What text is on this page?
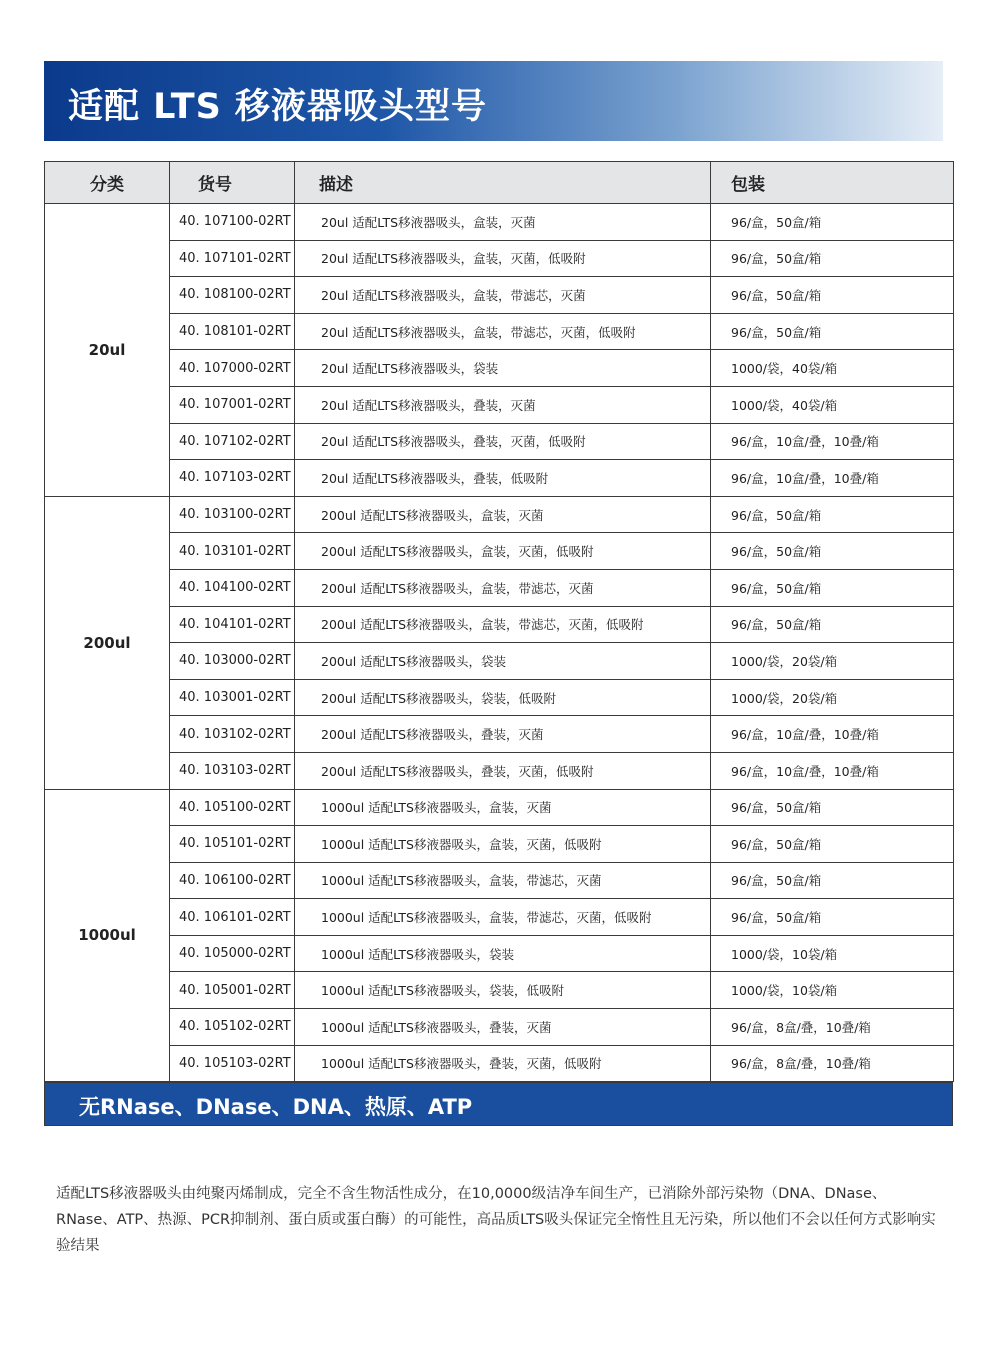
适配 LTS 移液器吸头型号
分类	货号	描述	包装
20ul	40. 107100-02RT	20ul 适配LTS移液器吸头，盒装，灭菌	96/盒，50盒/箱
	40. 107101-02RT	20ul 适配LTS移液器吸头，盒装，灭菌，低吸附	96/盒，50盒/箱
	40. 108100-02RT	20ul 适配LTS移液器吸头，盒装，带滤芯，灭菌	96/盒，50盒/箱
	40. 108101-02RT	20ul 适配LTS移液器吸头，盒装，带滤芯，灭菌，低吸附	96/盒，50盒/箱
	40. 107000-02RT	20ul 适配LTS移液器吸头，袋装	1000/袋，40袋/箱
	40. 107001-02RT	20ul 适配LTS移液器吸头，叠装，灭菌	1000/袋，40袋/箱
	40. 107102-02RT	20ul 适配LTS移液器吸头，叠装，灭菌，低吸附	96/盒，10盒/叠，10叠/箱
	40. 107103-02RT	20ul 适配LTS移液器吸头，叠装，低吸附	96/盒，10盒/叠，10叠/箱
200ul	40. 103100-02RT	200ul 适配LTS移液器吸头，盒装，灭菌	96/盒，50盒/箱
	40. 103101-02RT	200ul 适配LTS移液器吸头，盒装，灭菌，低吸附	96/盒，50盒/箱
	40. 104100-02RT	200ul 适配LTS移液器吸头，盒装，带滤芯，灭菌	96/盒，50盒/箱
	40. 104101-02RT	200ul 适配LTS移液器吸头，盒装，带滤芯，灭菌，低吸附	96/盒，50盒/箱
	40. 103000-02RT	200ul 适配LTS移液器吸头，袋装	1000/袋，20袋/箱
	40. 103001-02RT	200ul 适配LTS移液器吸头，袋装，低吸附	1000/袋，20袋/箱
	40. 103102-02RT	200ul 适配LTS移液器吸头，叠装，灭菌	96/盒，10盒/叠，10叠/箱
	40. 103103-02RT	200ul 适配LTS移液器吸头，叠装，灭菌，低吸附	96/盒，10盒/叠，10叠/箱
1000ul	40. 105100-02RT	1000ul 适配LTS移液器吸头，盒装，灭菌	96/盒，50盒/箱
	40. 105101-02RT	1000ul 适配LTS移液器吸头，盒装，灭菌，低吸附	96/盒，50盒/箱
	40. 106100-02RT	1000ul 适配LTS移液器吸头，盒装，带滤芯，灭菌	96/盒，50盒/箱
	40. 106101-02RT	1000ul 适配LTS移液器吸头，盒装，带滤芯，灭菌，低吸附	96/盒，50盒/箱
	40. 105000-02RT	1000ul 适配LTS移液器吸头，袋装	1000/袋，10袋/箱
	40. 105001-02RT	1000ul 适配LTS移液器吸头，袋装，低吸附	1000/袋，10袋/箱
	40. 105102-02RT	1000ul 适配LTS移液器吸头，叠装，灭菌	96/盒，8盒/叠，10叠/箱
	40. 105103-02RT	1000ul 适配LTS移液器吸头，叠装，灭菌，低吸附	96/盒，8盒/叠，10叠/箱

无RNase、DNase、DNA、热原、ATP

适配LTS移液器吸头由纯聚丙烯制成，完全不含生物活性成分，在10,0000级洁净车间生产，已消除外部污染物（DNA、DNase、RNase、ATP、热源、PCR抑制剂、蛋白质或蛋白酶）的可能性，高品质LTS吸头保证完全惰性且无污染，所以他们不会以任何方式影响实验结果
